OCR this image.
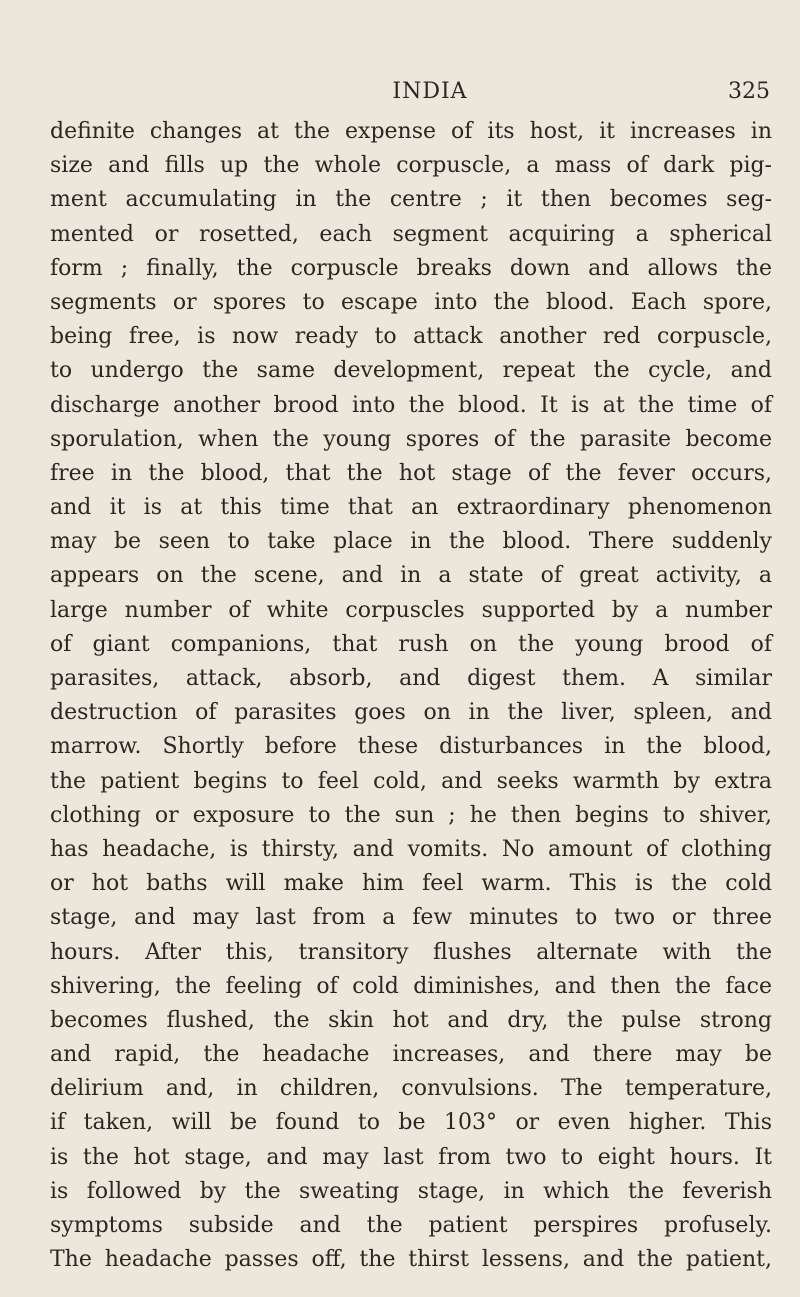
INDIA	325
definite changes at the expense of its host, it increases in
size and fills up the whole corpuscle, a mass of dark pig-
ment accumulating in the centre ; it then becomes seg-
mented or rosetted, each segment acquiring a spherical
form ; finally, the corpuscle breaks down and allows the
segments or spores to escape into the blood. Each spore,
being free, is now ready to attack another red corpuscle,
to undergo the same development, repeat the cycle, and
discharge another brood into the blood. It is at the time of
sporulation, when the young spores of the parasite become
free in the blood, that the hot stage of the fever occurs,
and it is at this time that an extraordinary phenomenon
may be seen to take place in the blood. There suddenly
appears on the scene, and in a state of great activity, a
large number of white corpuscles supported by a number
of giant companions, that rush on the young brood of
parasites, attack, absorb, and digest them. A similar
destruction of parasites goes on in the liver, spleen, and
marrow. Shortly before these disturbances in the blood,
the patient begins to feel cold, and seeks warmth by extra
clothing or exposure to the sun ; he then begins to shiver,
has headache, is thirsty, and vomits. No amount of clothing
or hot baths will make him feel warm. This is the cold
stage, and may last from a few minutes to two or three
hours. After this, transitory flushes alternate with the
shivering, the feeling of cold diminishes, and then the face
becomes flushed, the skin hot and dry, the pulse strong
and rapid, the headache increases, and there may be
delirium and, in children, convulsions. The temperature,
if taken, will be found to be 103° or even higher. This
is the hot stage, and may last from two to eight hours. It
is followed by the sweating stage, in which the feverish
symptoms subside and the patient perspires profusely.
The headache passes off, the thirst lessens, and the patient,
